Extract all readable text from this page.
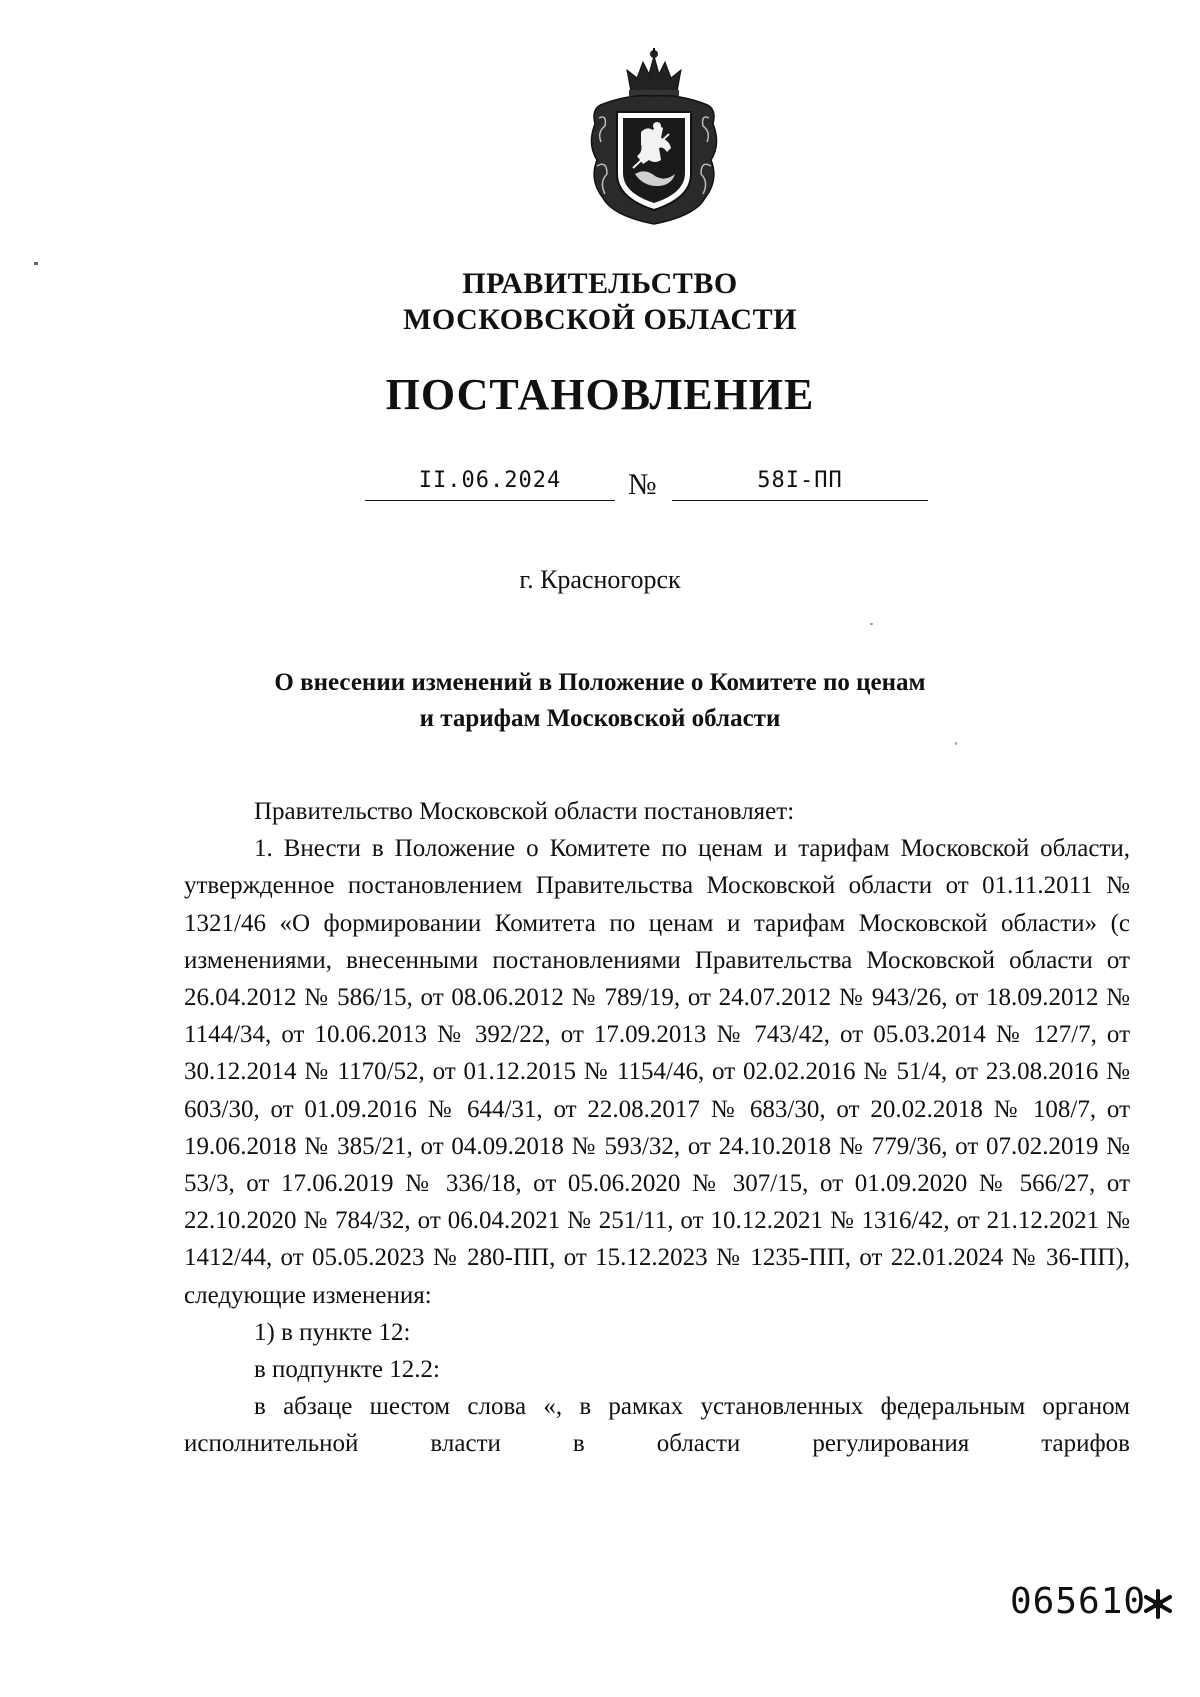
ПРАВИТЕЛЬСТВО
МОСКОВСКОЙ ОБЛАСТИ
ПОСТАНОВЛЕНИЕ
II.06.2024	№	58I-ПП
г. Красногорск
О внесении изменений в Положение о Комитете по ценам
и тарифам Московской области

Правительство Московской области постановляет:

1. Внести в Положение о Комитете по ценам и тарифам Московской области, утвержденное постановлением Правительства Московской области от 01.11.2011 № 1321/46 «О формировании Комитета по ценам и тарифам Московской области» (с изменениями, внесенными постановлениями Правительства Московской области от 26.04.2012 № 586/15, от 08.06.2012 № 789/19, от 24.07.2012 № 943/26, от 18.09.2012 № 1144/34, от 10.06.2013 № 392/22, от 17.09.2013 № 743/42, от 05.03.2014 № 127/7, от 30.12.2014 № 1170/52, от 01.12.2015 № 1154/46, от 02.02.2016 № 51/4, от 23.08.2016 № 603/30, от 01.09.2016 № 644/31, от 22.08.2017 № 683/30, от 20.02.2018 № 108/7, от 19.06.2018 № 385/21, от 04.09.2018 № 593/32, от 24.10.2018 № 779/36, от 07.02.2019 № 53/3, от 17.06.2019 № 336/18, от 05.06.2020 № 307/15, от 01.09.2020 № 566/27, от 22.10.2020 № 784/32, от 06.04.2021 № 251/11, от 10.12.2021 № 1316/42, от 21.12.2021 № 1412/44, от 05.05.2023 № 280-ПП, от 15.12.2023 № 1235-ПП, от 22.01.2024 № 36-ПП), следующие изменения:

1) в пункте 12:

в подпункте 12.2:

в абзаце шестом слова «, в рамках установленных федеральным органом исполнительной власти в области регулирования тарифов

065610
